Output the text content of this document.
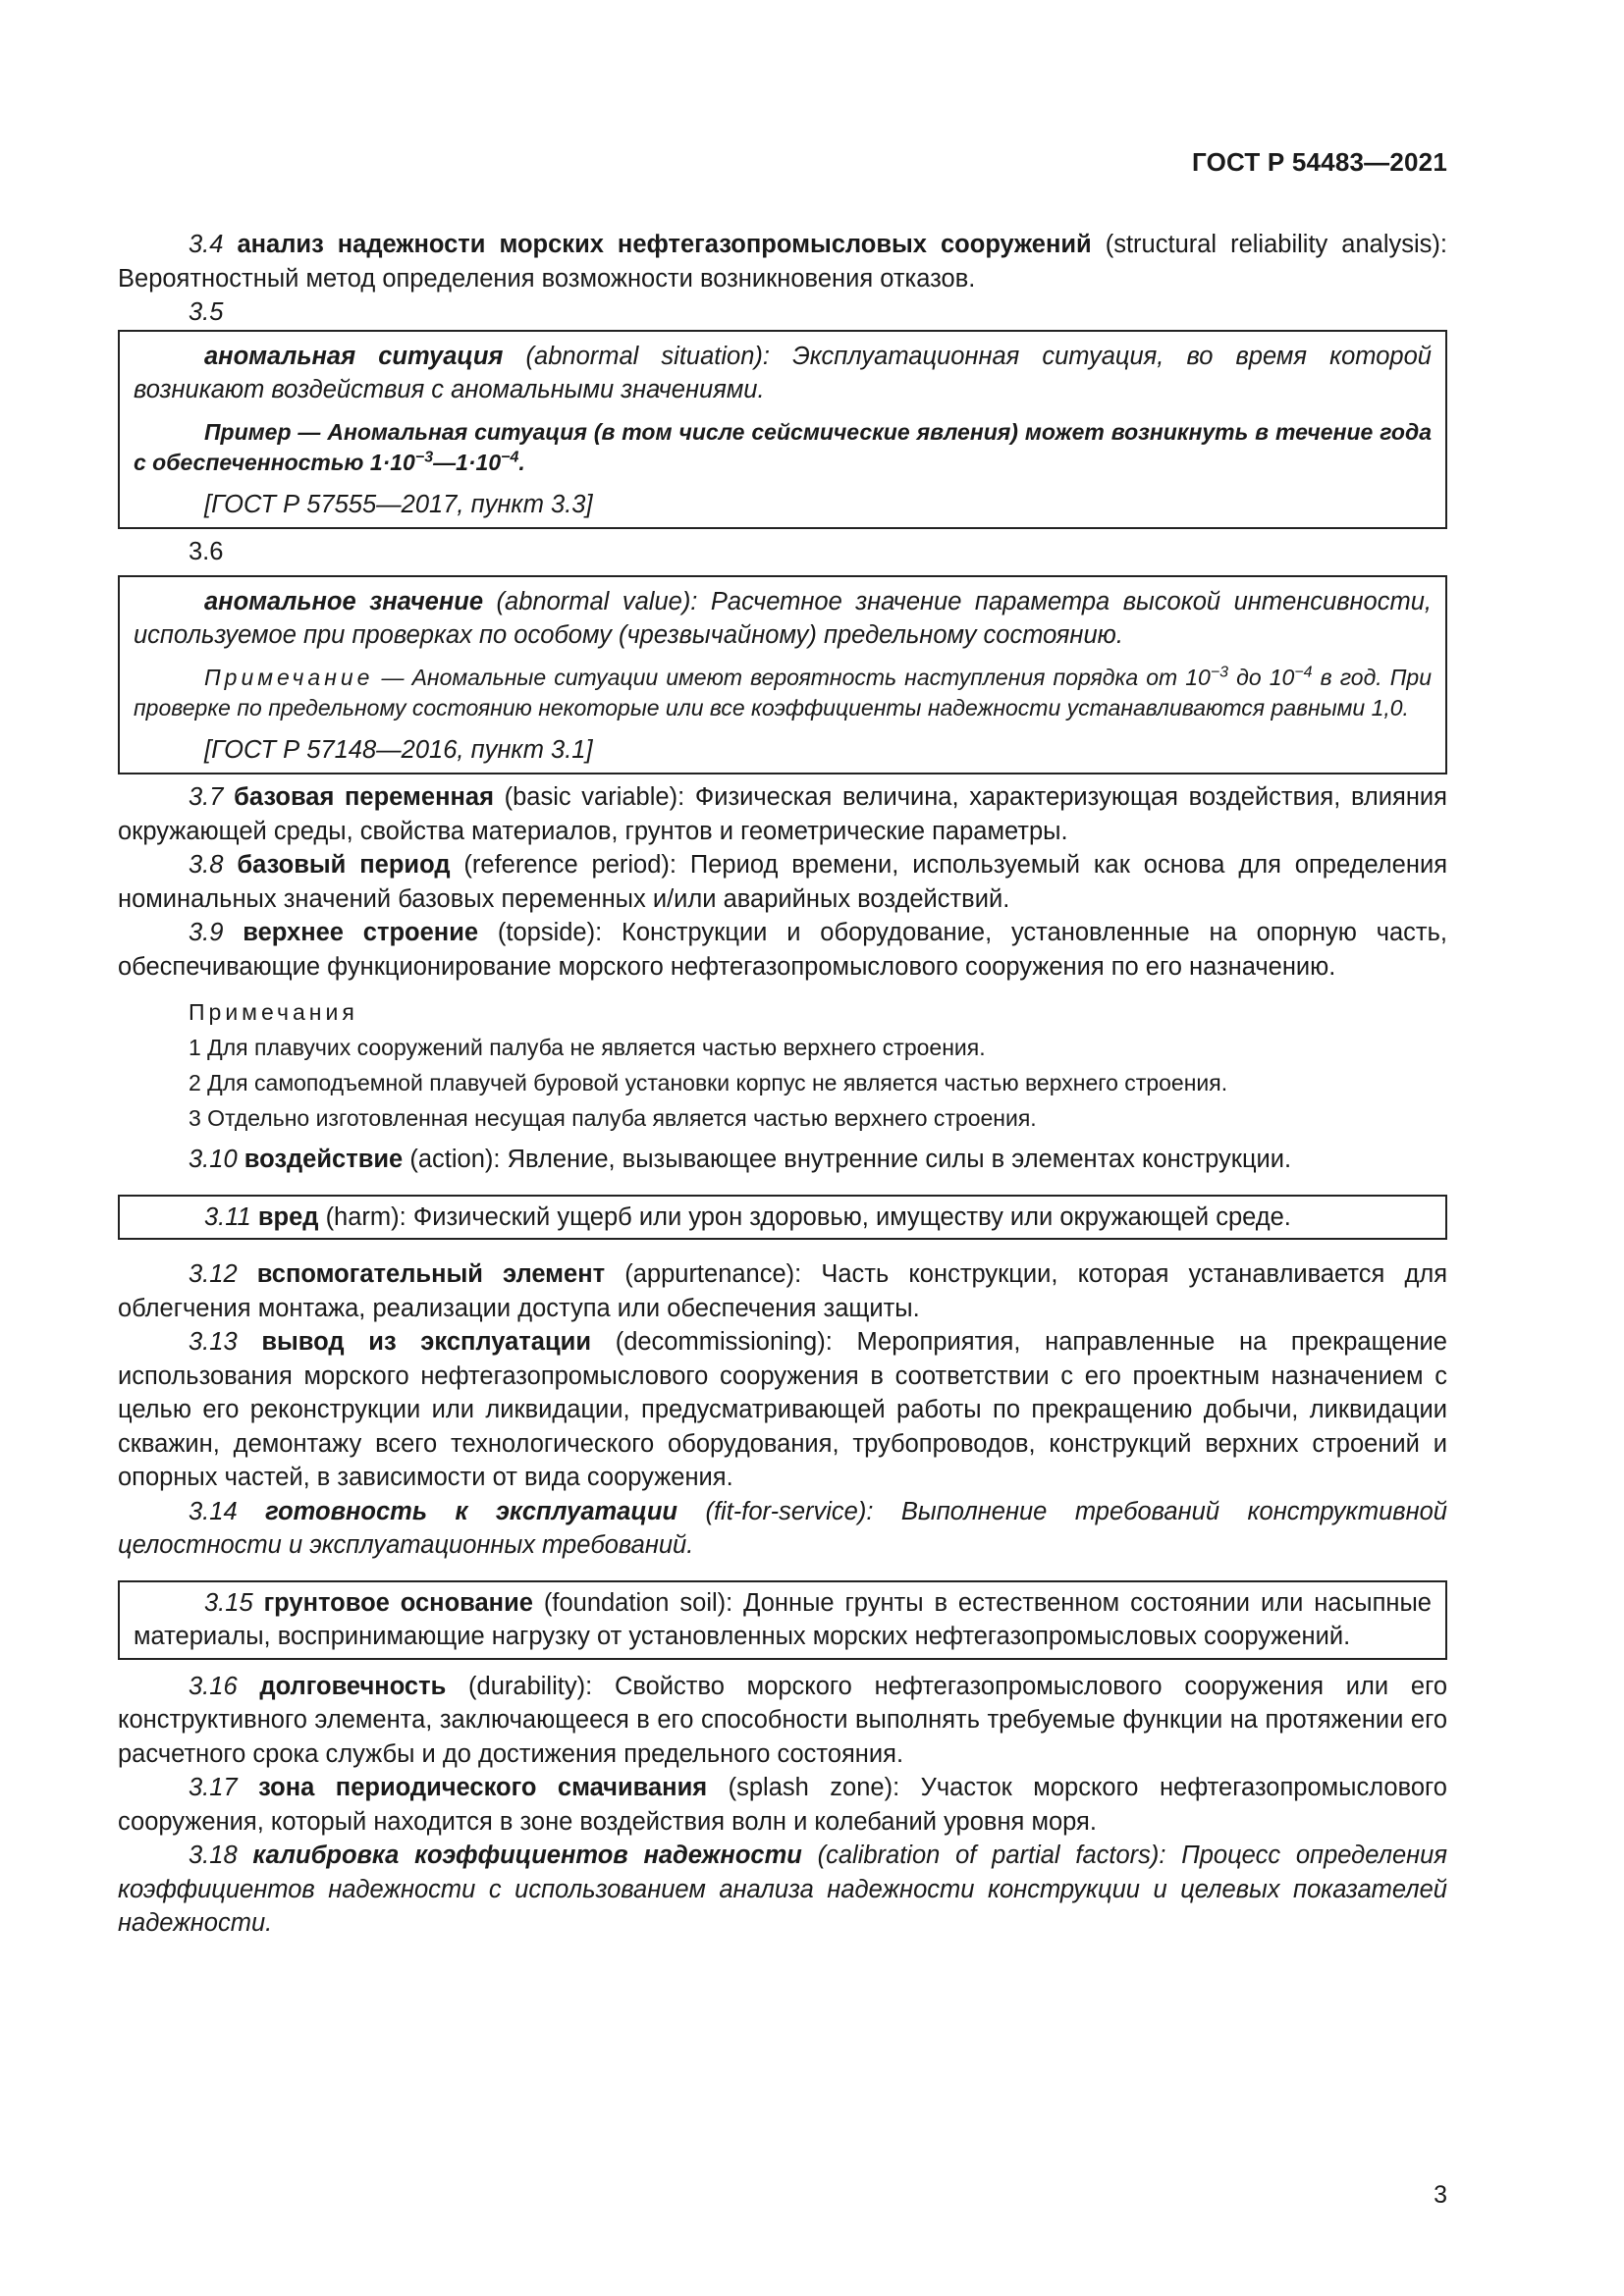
ГОСТ Р 54483—2021

3.4 анализ надежности морских нефтегазопромысловых сооружений (structural reliability analysis): Вероятностный метод определения возможности возникновения отказов.

3.5

аномальная ситуация (abnormal situation): Эксплуатационная ситуация, во время которой возникают воздействия с аномальными значениями.

Пример — Аномальная ситуация (в том числе сейсмические явления) может возникнуть в течение года с обеспеченностью $1\cdot 10^{-3}—1\cdot 10^{-4}$.

[ГОСТ Р 57555—2017, пункт 3.3]

3.6

аномальное значение (abnormal value): Расчетное значение параметра высокой интенсивности, используемое при проверках по особому (чрезвычайному) предельному состоянию.

Примечание — Аномальные ситуации имеют вероятность наступления порядка от $10^{-3}$ до $10^{-4}$ в год. При проверке по предельному состоянию некоторые или все коэффициенты надежности устанавливаются равными 1,0.

[ГОСТ Р 57148—2016, пункт 3.1]

3.7 базовая переменная (basic variable): Физическая величина, характеризующая воздействия, влияния окружающей среды, свойства материалов, грунтов и геометрические параметры.

3.8 базовый период (reference period): Период времени, используемый как основа для определения номинальных значений базовых переменных и/или аварийных воздействий.

3.9 верхнее строение (topside): Конструкции и оборудование, установленные на опорную часть, обеспечивающие функционирование морского нефтегазопромыслового сооружения по его назначению.

Примечания

1 Для плавучих сооружений палуба не является частью верхнего строения.

2 Для самоподъемной плавучей буровой установки корпус не является частью верхнего строения.

3 Отдельно изготовленная несущая палуба является частью верхнего строения.

3.10 воздействие (action): Явление, вызывающее внутренние силы в элементах конструкции.

3.11 вред (harm): Физический ущерб или урон здоровью, имуществу или окружающей среде.

3.12 вспомогательный элемент (appurtenance): Часть конструкции, которая устанавливается для облегчения монтажа, реализации доступа или обеспечения защиты.

3.13 вывод из эксплуатации (decommissioning): Мероприятия, направленные на прекращение использования морского нефтегазопромыслового сооружения в соответствии с его проектным назначением с целью его реконструкции или ликвидации, предусматривающей работы по прекращению добычи, ликвидации скважин, демонтажу всего технологического оборудования, трубопроводов, конструкций верхних строений и опорных частей, в зависимости от вида сооружения.

3.14 готовность к эксплуатации (fit-for-service): Выполнение требований конструктивной целостности и эксплуатационных требований.

3.15 грунтовое основание (foundation soil): Донные грунты в естественном состоянии или насыпные материалы, воспринимающие нагрузку от установленных морских нефтегазопромысловых сооружений.

3.16 долговечность (durability): Свойство морского нефтегазопромыслового сооружения или его конструктивного элемента, заключающееся в его способности выполнять требуемые функции на протяжении его расчетного срока службы и до достижения предельного состояния.

3.17 зона периодического смачивания (splash zone): Участок морского нефтегазопромыслового сооружения, который находится в зоне воздействия волн и колебаний уровня моря.

3.18 калибровка коэффициентов надежности (calibration of partial factors): Процесс определения коэффициентов надежности с использованием анализа надежности конструкции и целевых показателей надежности.

3
